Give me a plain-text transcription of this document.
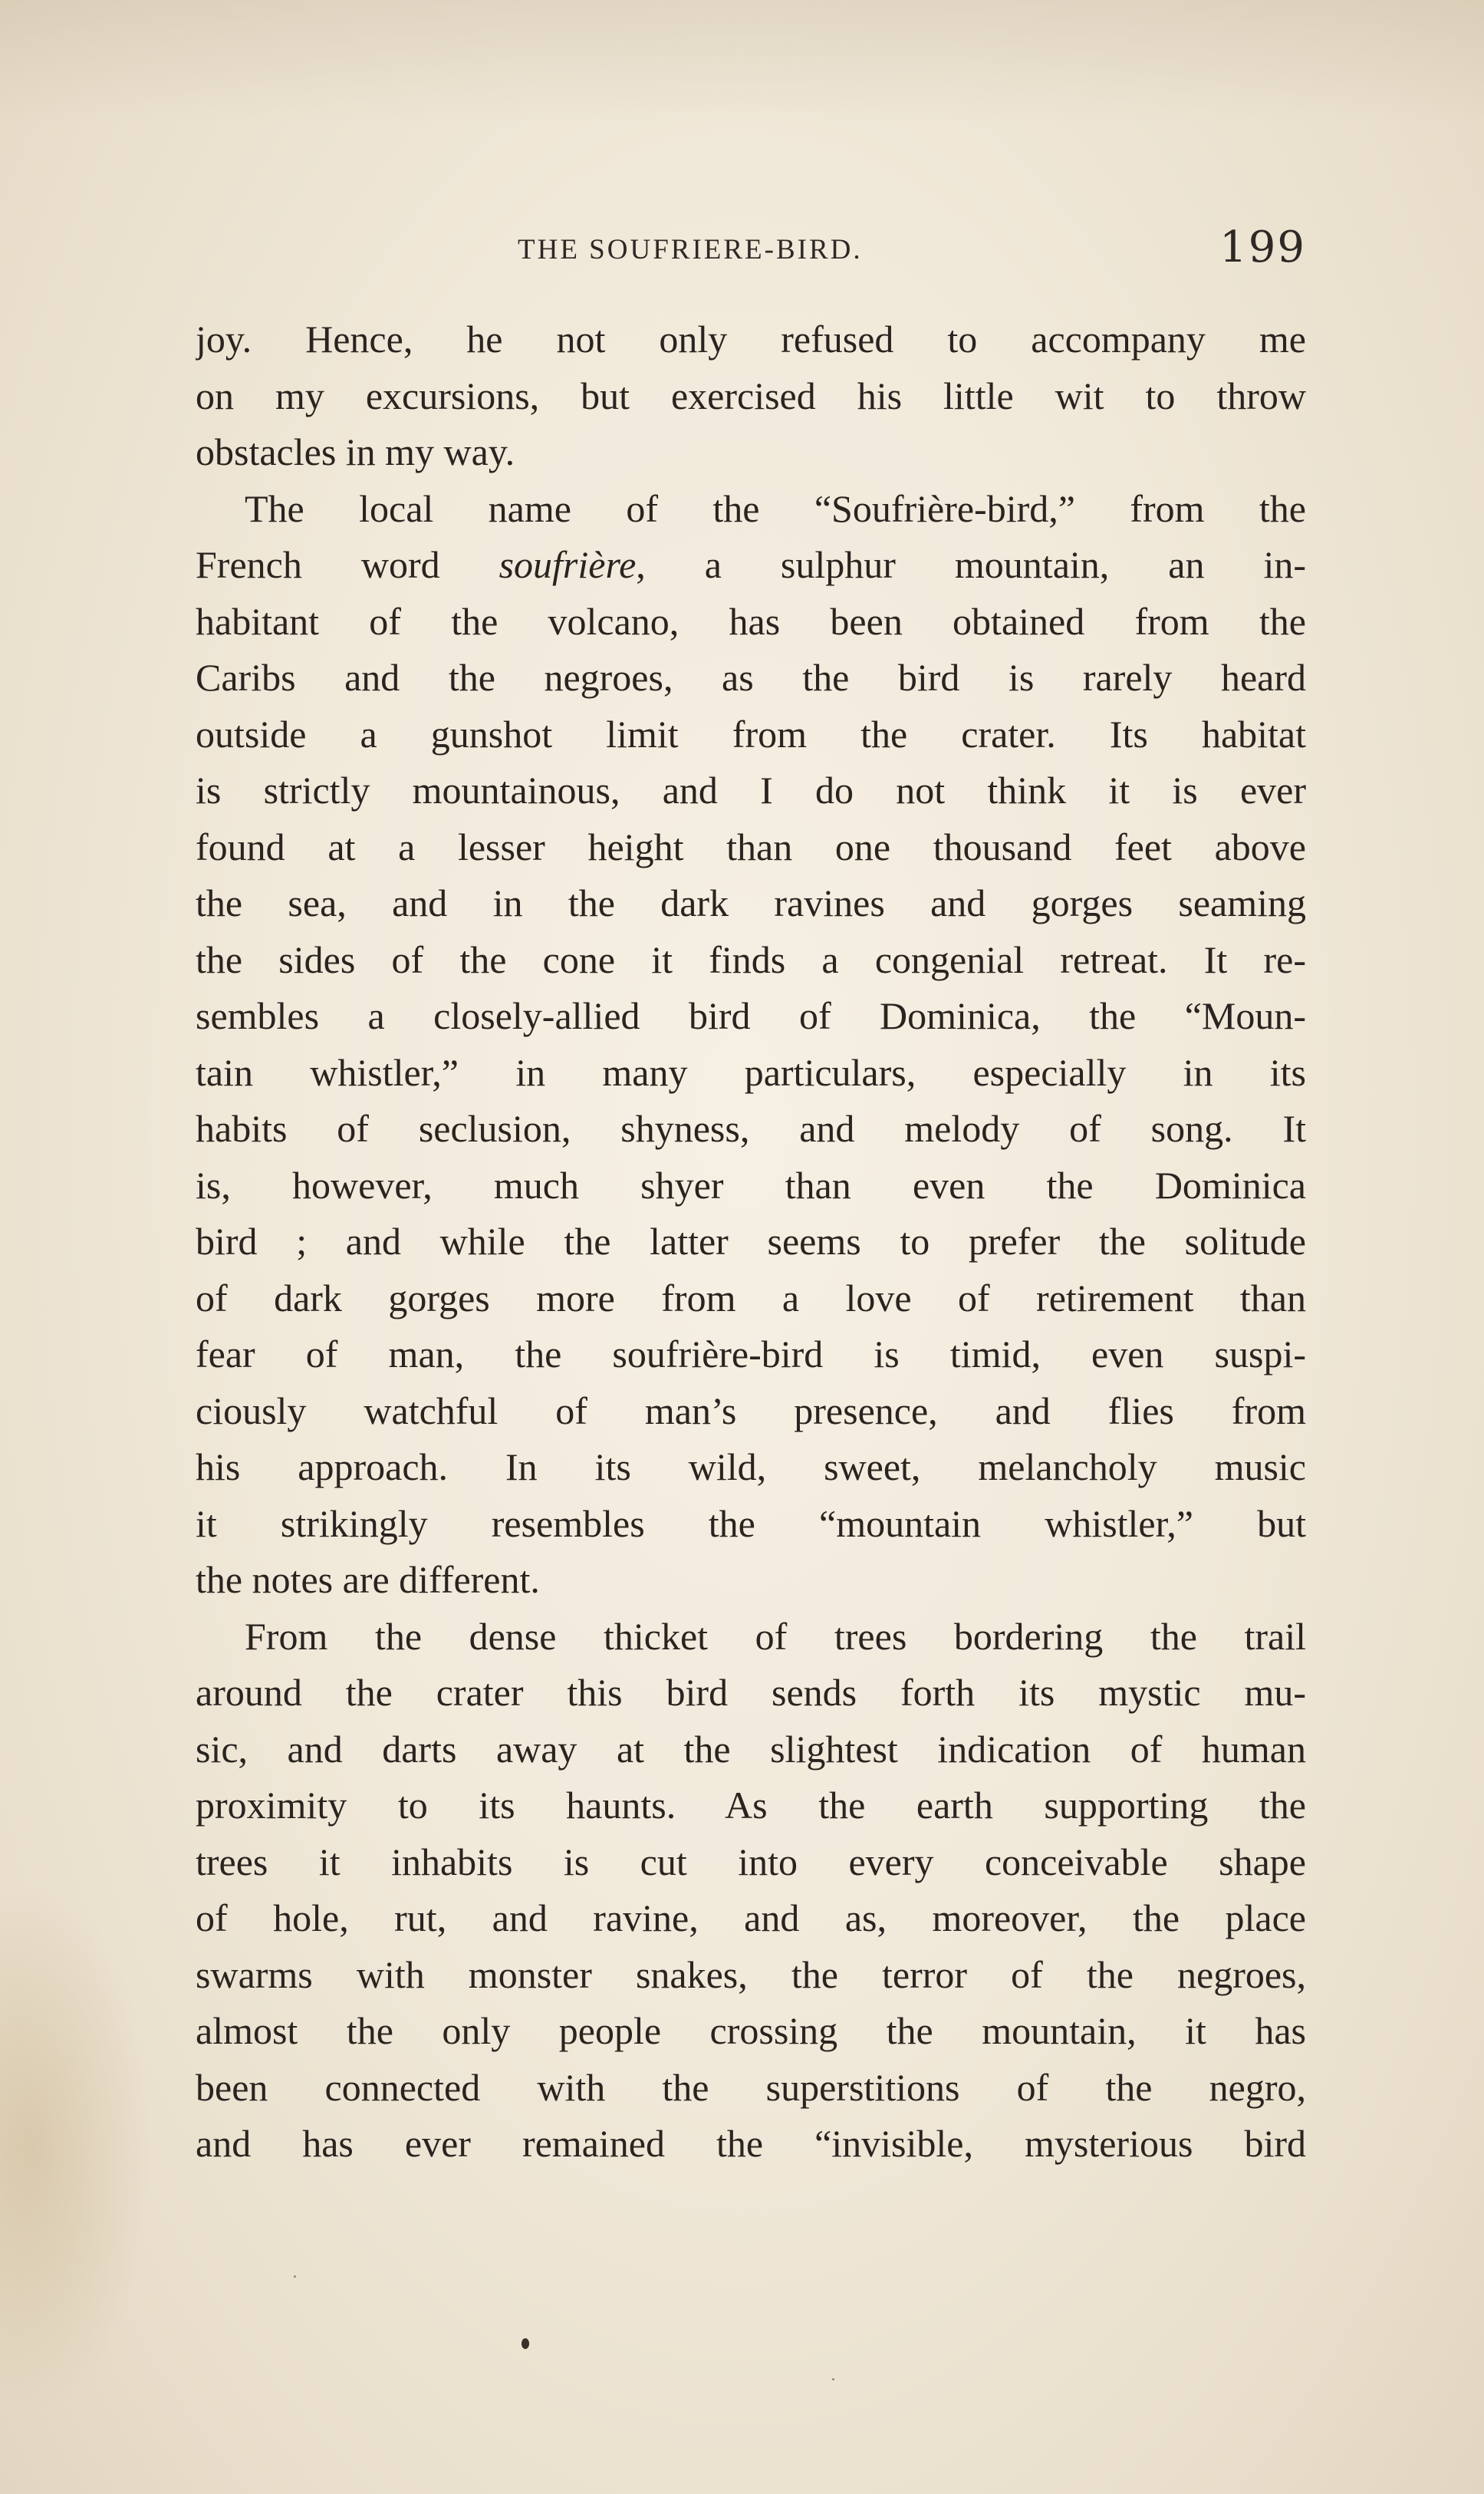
THE SOUFRIERE-BIRD.	199
joy. Hence, he not only refused to accompany me
on my excursions, but exercised his little wit to throw
obstacles in my way.
The local name of the “Soufrière-bird,” from the
French word soufrière, a sulphur mountain, an in-
habitant of the volcano, has been obtained from the
Caribs and the negroes, as the bird is rarely heard
outside a gunshot limit from the crater. Its habitat
is strictly mountainous, and I do not think it is ever
found at a lesser height than one thousand feet above
the sea, and in the dark ravines and gorges seaming
the sides of the cone it finds a congenial retreat. It re-
sembles a closely-allied bird of Dominica, the “Moun-
tain whistler,” in many particulars, especially in its
habits of seclusion, shyness, and melody of song. It
is, however, much shyer than even the Dominica
bird ; and while the latter seems to prefer the solitude
of dark gorges more from a love of retirement than
fear of man, the soufrière-bird is timid, even suspi-
ciously watchful of man’s presence, and flies from
his approach. In its wild, sweet, melancholy music
it strikingly resembles the “mountain whistler,” but
the notes are different.
From the dense thicket of trees bordering the trail
around the crater this bird sends forth its mystic mu-
sic, and darts away at the slightest indication of human
proximity to its haunts. As the earth supporting the
trees it inhabits is cut into every conceivable shape
of hole, rut, and ravine, and as, moreover, the place
swarms with monster snakes, the terror of the negroes,
almost the only people crossing the mountain, it has
been connected with the superstitions of the negro,
and has ever remained the “invisible, mysterious bird
